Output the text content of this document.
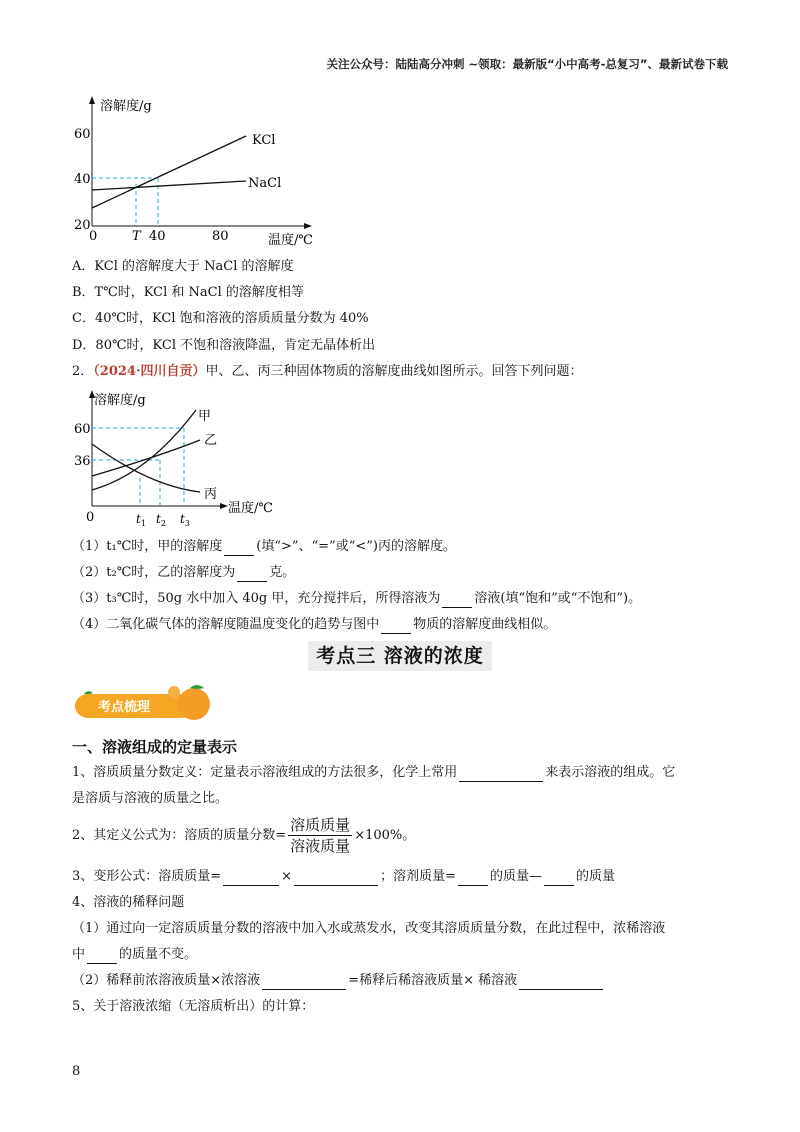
关注公众号：陆陆高分冲刺 ~领取：最新版“小中高考-总复习”、最新试卷下载
溶解度/g
温度/℃
60
40
20
0	T 40	80
KCl
NaCl
A．KCl 的溶解度大于 NaCl 的溶解度
B．T℃时，KCl 和 NaCl 的溶解度相等
C．40℃时，KCl 饱和溶液的溶质质量分数为 40%
D．80℃时，KCl 不饱和溶液降温，肯定无晶体析出
2．（2024·四川自贡）甲、乙、丙三种固体物质的溶解度曲线如图所示。回答下列问题：
溶解度/g
温度/℃
60
36
0	$t_1$ $t_2$ $t_3$
甲
乙
丙
（1）t₁℃时，甲的溶解度	(填“>”、“=”或“<”)丙的溶解度。
（2）t₂℃时，乙的溶解度为	克。
（3）t₃℃时，50g 水中加入 40g 甲，充分搅拌后，所得溶液为	溶液(填“饱和”或“不饱和”)。
（4）二氧化碳气体的溶解度随温度变化的趋势与图中	物质的溶解度曲线相似。
考点三 溶液的浓度
考点梳理
一、溶液组成的定量表示
1、溶质质量分数定义：定量表示溶液组成的方法很多，化学上常用	来表示溶液的组成。它
是溶质与溶液的质量之比。
2、其定义公式为：溶质的质量分数= $\frac{\text{溶质质量}}{\text{溶液质量}} \times 100\%$。
3、变形公式：溶质质量=	×	；溶剂质量=	的质量—	的质量
4、溶液的稀释问题
（1）通过向一定溶质质量分数的溶液中加入水或蒸发水，改变其溶质质量分数，在此过程中，浓稀溶液
中	的质量不变。
（2）稀释前浓溶液质量×浓溶液	=稀释后稀溶液质量× 稀溶液
5、关于溶液浓缩（无溶质析出）的计算：
8
